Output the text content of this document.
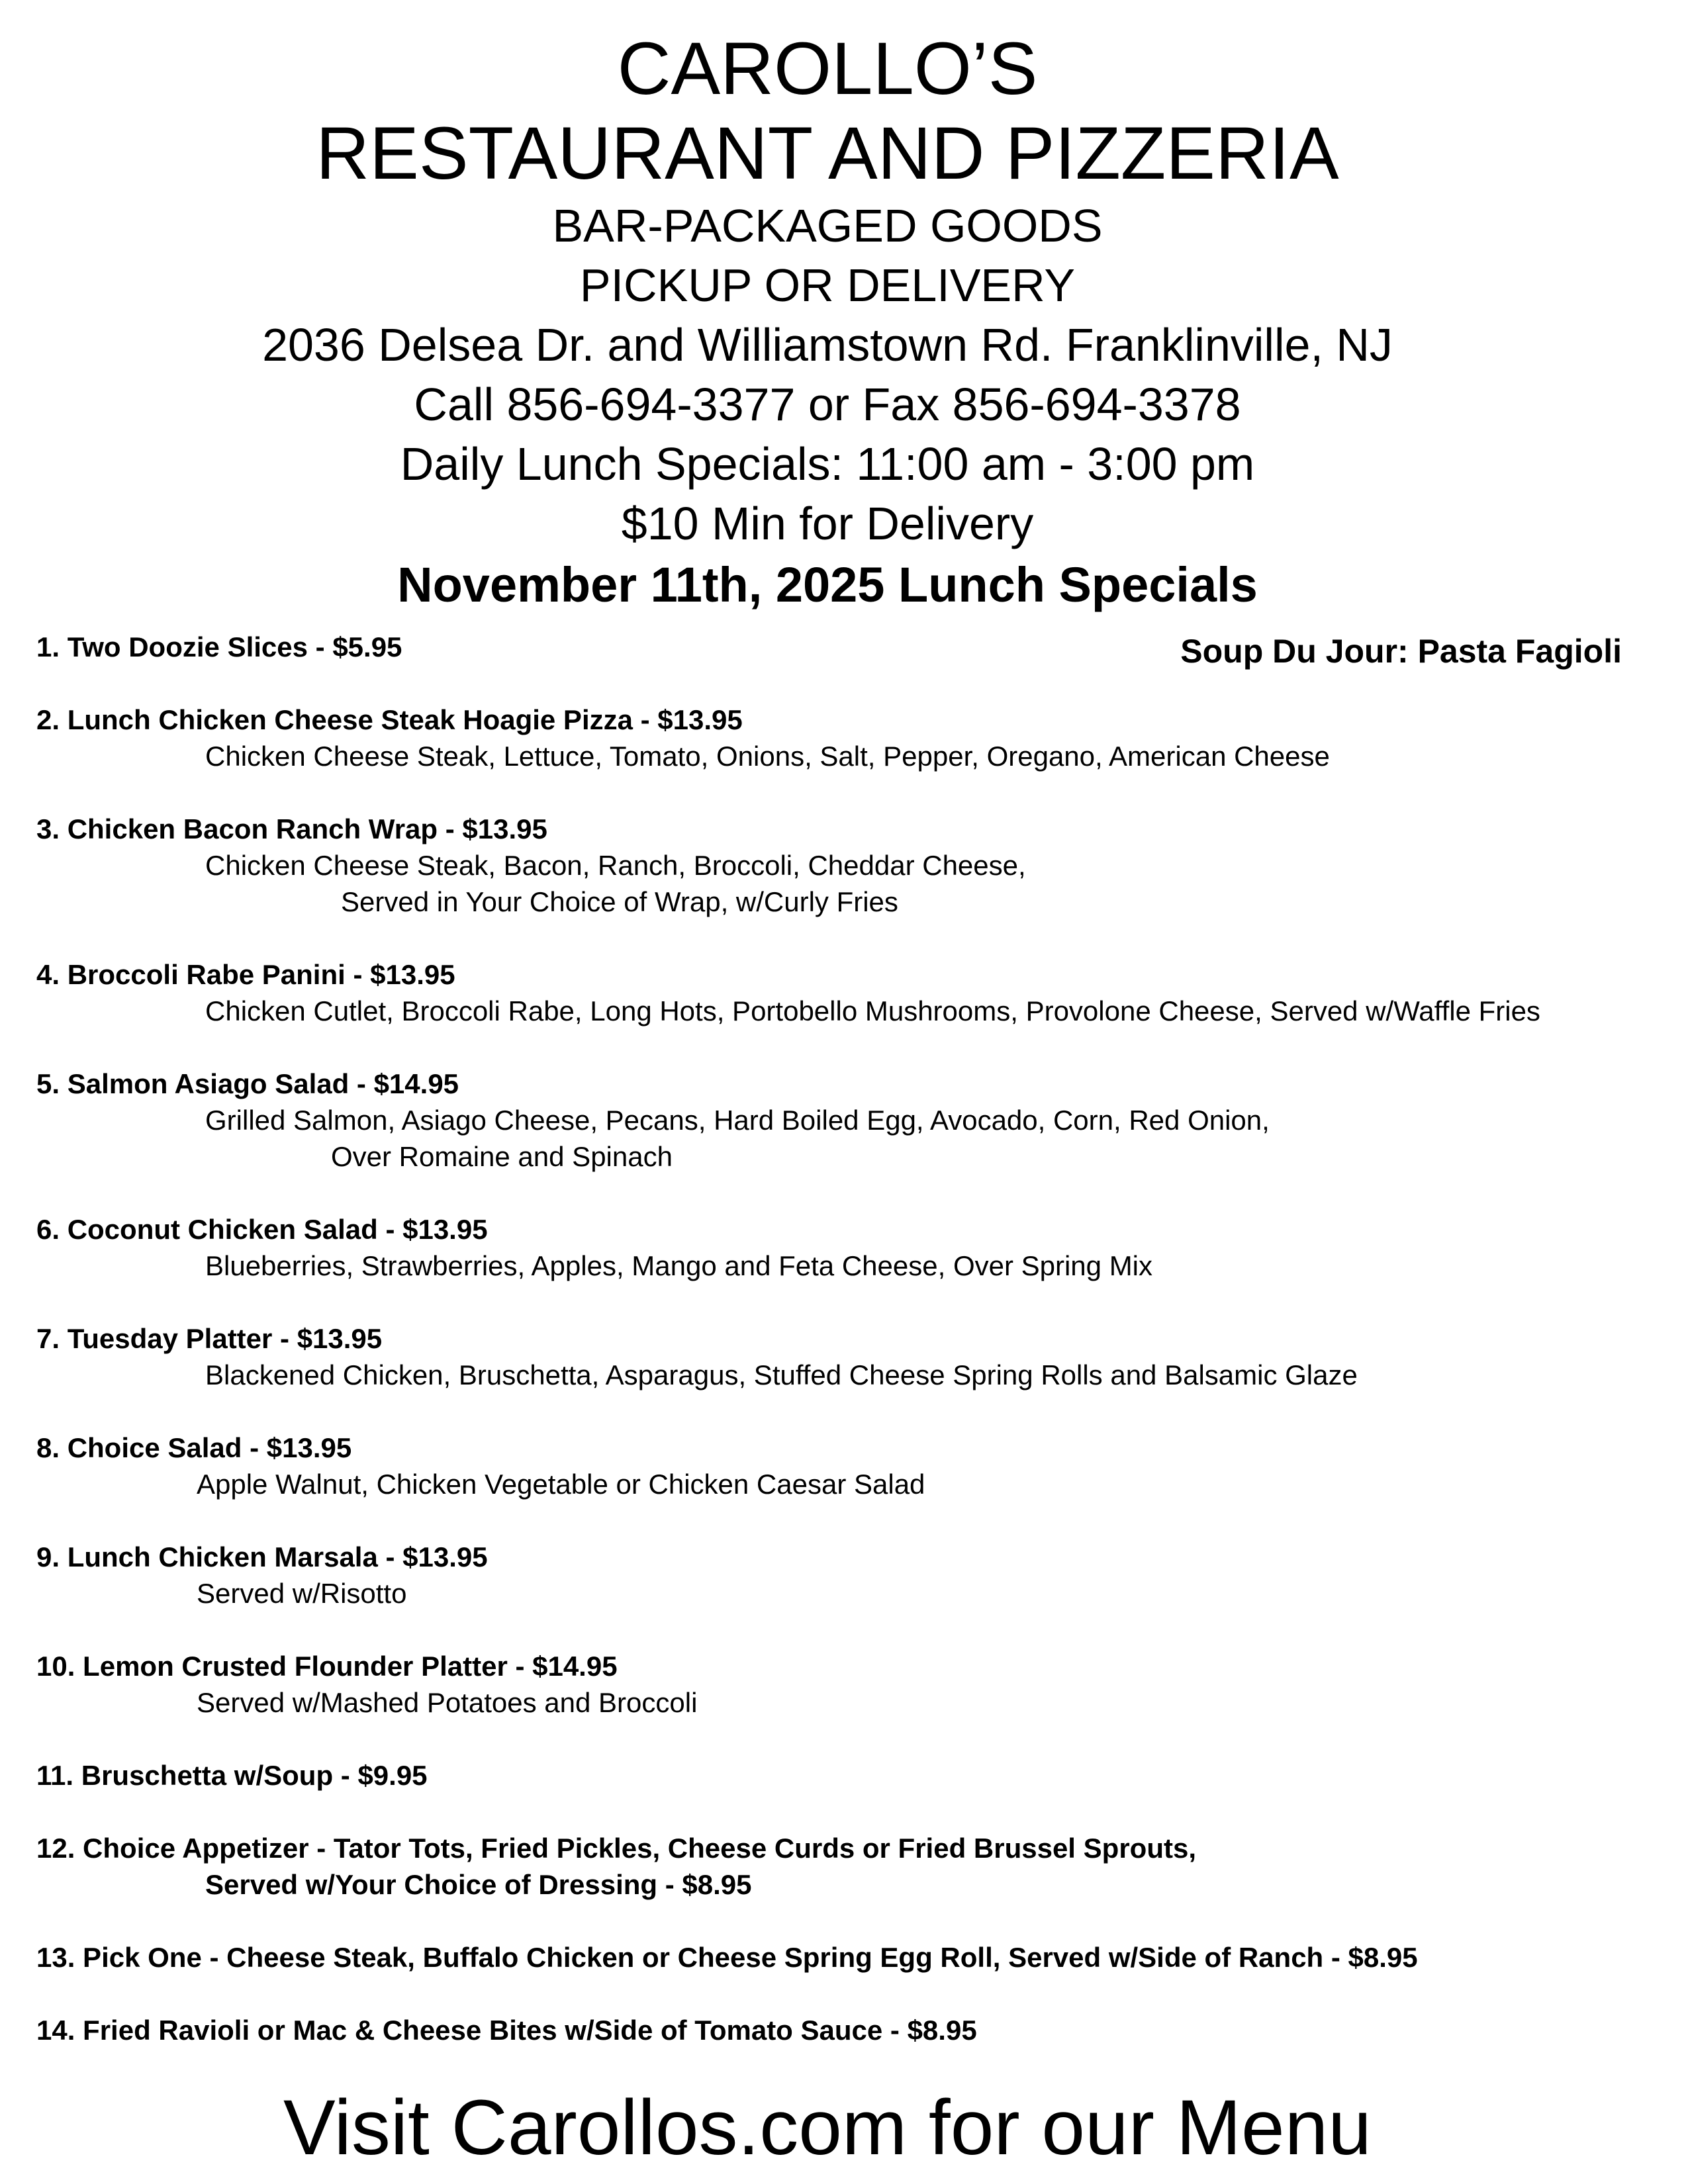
CAROLLO’S
RESTAURANT AND PIZZERIA
BAR-PACKAGED GOODS
PICKUP OR DELIVERY
2036 Delsea Dr. and Williamstown Rd. Franklinville, NJ
Call 856-694-3377 or Fax 856-694-3378
Daily Lunch Specials: 11:00 am - 3:00 pm
$10 Min for Delivery
November 11th, 2025 Lunch Specials
Soup Du Jour: Pasta Fagioli
1. Two Doozie Slices - $5.95
2. Lunch Chicken Cheese Steak Hoagie Pizza - $13.95
Chicken Cheese Steak, Lettuce, Tomato, Onions, Salt, Pepper, Oregano, American Cheese
3. Chicken Bacon Ranch Wrap - $13.95
Chicken Cheese Steak, Bacon, Ranch, Broccoli, Cheddar Cheese,
Served in Your Choice of Wrap, w/Curly Fries
4. Broccoli Rabe Panini - $13.95
Chicken Cutlet, Broccoli Rabe, Long Hots, Portobello Mushrooms, Provolone Cheese, Served w/Waffle Fries
5. Salmon Asiago Salad - $14.95
Grilled Salmon, Asiago Cheese, Pecans, Hard Boiled Egg, Avocado, Corn, Red Onion,
Over Romaine and Spinach
6. Coconut Chicken Salad - $13.95
Blueberries, Strawberries, Apples, Mango and Feta Cheese, Over Spring Mix
7. Tuesday Platter - $13.95
Blackened Chicken, Bruschetta, Asparagus, Stuffed Cheese Spring Rolls and Balsamic Glaze
8. Choice Salad - $13.95
Apple Walnut, Chicken Vegetable or Chicken Caesar Salad
9. Lunch Chicken Marsala - $13.95
Served w/Risotto
10. Lemon Crusted Flounder Platter - $14.95
Served w/Mashed Potatoes and Broccoli
11. Bruschetta w/Soup - $9.95
12. Choice Appetizer - Tator Tots, Fried Pickles, Cheese Curds or Fried Brussel Sprouts,
Served w/Your Choice of Dressing - $8.95
13. Pick One - Cheese Steak, Buffalo Chicken or Cheese Spring Egg Roll, Served w/Side of Ranch - $8.95
14. Fried Ravioli or Mac & Cheese Bites w/Side of Tomato Sauce - $8.95
Visit Carollos.com for our Menu
